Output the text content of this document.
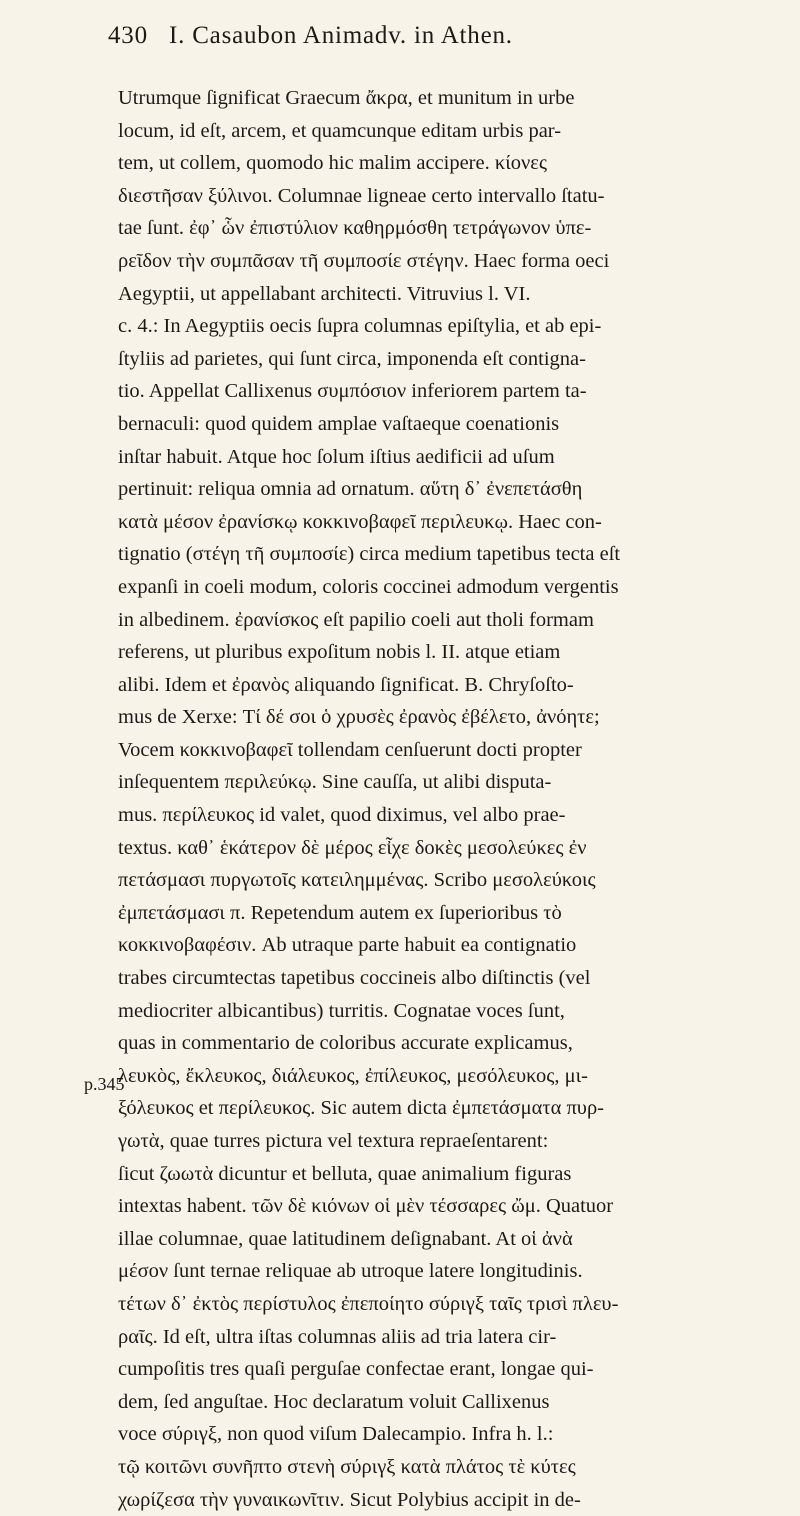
430 I. Casaubon Animadv. in Athen.
p.345
Utrumque ſignificat Graecum ἄκρα, et munitum in urbe
locum, id eſt, arcem, et quamcunque editam urbis par-
tem, ut collem, quomodo hic malim accipere. κίονες
διεστῆσαν ξύλινοι. Columnae ligneae certo intervallo ſtatu-
tae ſunt. ἐφ᾽ ὧν ἐπιστύλιον καθηρμόσθη τετράγωνον ὑπε-
ρεῖδον τὴν συμπᾶσαν τῆ συμποσίε στέγην. Haec forma oeci
Aegyptii, ut appellabant architecti. Vitruvius l. VI.
c. 4.: In Aegyptiis oecis ſupra columnas epiſtylia, et ab epi-
ſtyliis ad parietes, qui ſunt circa, imponenda eſt contigna-
tio. Appellat Callixenus συμπόσιον inferiorem partem ta-
bernaculi: quod quidem amplae vaſtaeque coenationis
inſtar habuit. Atque hoc ſolum iſtius aedificii ad uſum
pertinuit: reliqua omnia ad ornatum. αὕτη δ᾽ ἐνεπετάσθη
κατὰ μέσον ἐρανίσκῳ κοκκινοβαφεῖ περιλευκῳ. Haec con-
tignatio (στέγη τῆ συμποσίε) circa medium tapetibus tecta eſt
expanſi in coeli modum, coloris coccinei admodum vergentis
in albedinem. ἐρανίσκος eſt papilio coeli aut tholi formam
referens, ut pluribus expoſitum nobis l. II. atque etiam
alibi. Idem et ἐρανὸς aliquando ſignificat. B. Chryſoſto-
mus de Xerxe: Τί δέ σοι ὁ χρυσὲς ἐρανὸς ἐβέλετο, ἀνόητε;
Vocem κοκκινοβαφεῖ tollendam cenſuerunt docti propter
inſequentem περιλεύκῳ. Sine cauſſa, ut alibi disputa-
mus. περίλευκος id valet, quod diximus, vel albo prae-
textus. καθ᾽ ἑκάτερον δὲ μέρος εἶχε δοκὲς μεσολεύκες ἐν
πετάσμασι πυργωτοῖς κατειλημμένας. Scribo μεσολεύκοις
ἐμπετάσμασι π. Repetendum autem ex ſuperioribus τὸ
κοκκινοβαφέσιν. Ab utraque parte habuit ea contignatio
trabes circumtectas tapetibus coccineis albo diſtinctis (vel
mediocriter albicantibus) turritis. Cognatae voces ſunt,
quas in commentario de coloribus accurate explicamus,
λευκὸς, ἔκλευκος, διάλευκος, ἐπίλευκος, μεσόλευκος, μι-
ξόλευκος et περίλευκος. Sic autem dicta ἐμπετάσματα πυρ-
γωτὰ, quae turres pictura vel textura repraeſentarent:
ſicut ζωωτὰ dicuntur et belluta, quae animalium figuras
intextas habent. τῶν δὲ κιόνων οἱ μὲν τέσσαρες ὤμ. Quatuor
illae columnae, quae latitudinem deſignabant. At οἱ ἀνὰ
μέσον ſunt ternae reliquae ab utroque latere longitudinis.
τέτων δ᾽ ἐκτὸς περίστυλος ἐπεποίητο σύριγξ ταῖς τρισὶ πλευ-
ραῖς. Id eſt, ultra iſtas columnas aliis ad tria latera cir-
cumpoſitis tres quaſi perguſae confectae erant, longae qui-
dem, ſed anguſtae. Hoc declaratum voluit Callixenus
voce σύριγξ, non quod viſum Dalecampio. Infra h. l.:
τῷ κοιτῶνι συνῆπτο στενὴ σύριγξ κατὰ πλάτος τὲ κύτες
χωρίζεσα τὴν γυναικωνῖτιν. Sicut Polybius accipit in de-
